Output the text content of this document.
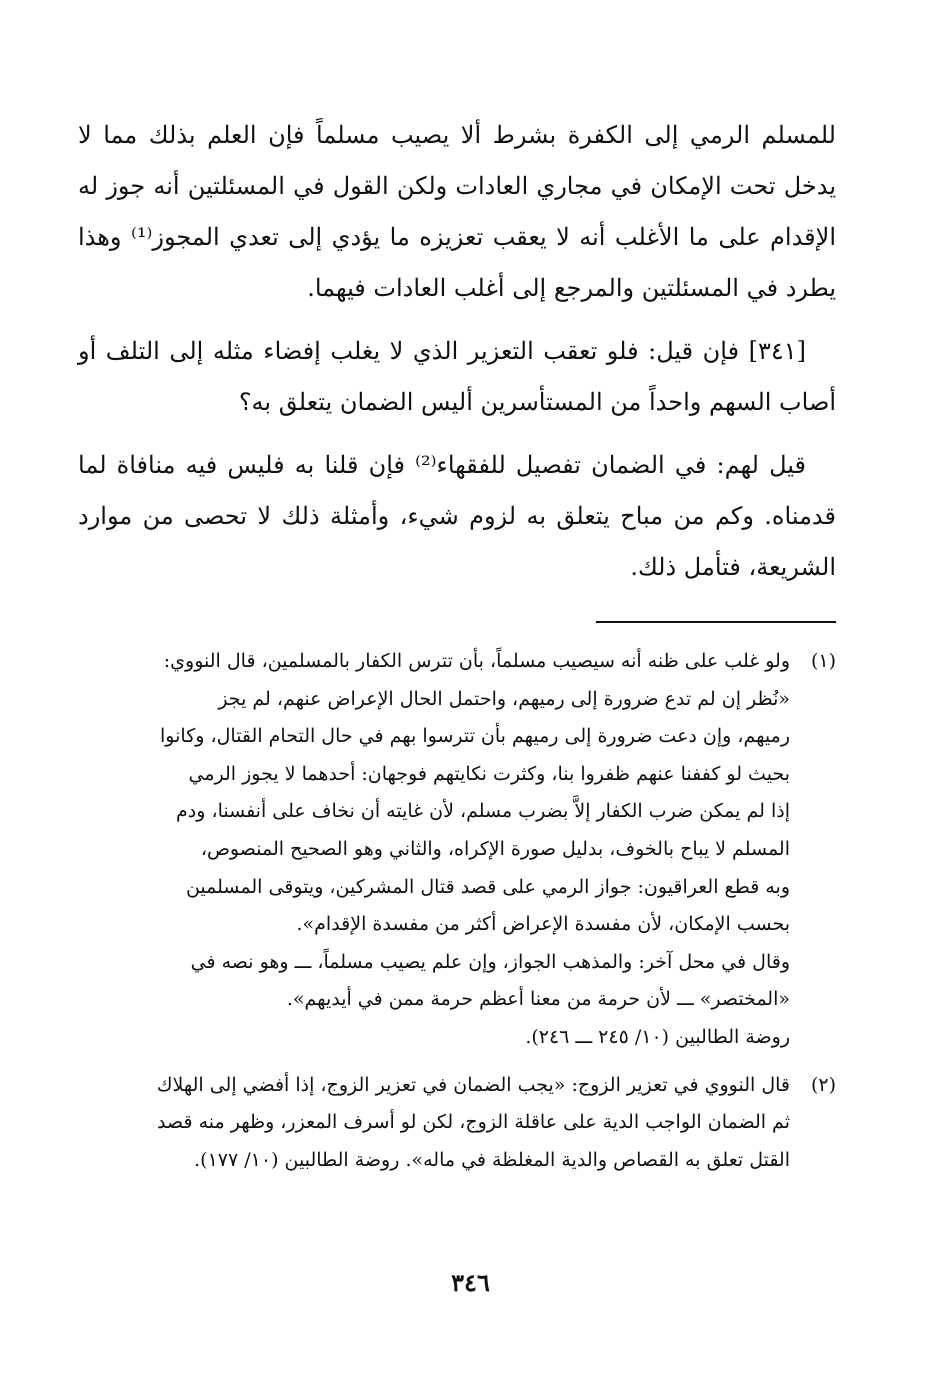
للمسلم الرمي إلى الكفرة بشرط ألا يصيب مسلماً فإن العلم بذلك مما لا يدخل تحت الإمكان في مجاري العادات ولكن القول في المسئلتين أنه جوز له الإقدام على ما الأغلب أنه لا يعقب تعزيزه ما يؤدي إلى تعدي المجوز⁽¹⁾ وهذا يطرد في المسئلتين والمرجع إلى أغلب العادات فيهما.

[٣٤١] فإن قيل: فلو تعقب التعزير الذي لا يغلب إفضاء مثله إلى التلف أو أصاب السهم واحداً من المستأسرين أليس الضمان يتعلق به؟

قيل لهم: في الضمان تفصيل للفقهاء⁽²⁾ فإن قلنا به فليس فيه منافاة لما قدمناه. وكم من مباح يتعلق به لزوم شيء، وأمثلة ذلك لا تحصى من موارد الشريعة، فتأمل ذلك.

(١)

ولو غلب على ظنه أنه سيصيب مسلماً، بأن تترس الكفار بالمسلمين، قال النووي:

«نُظر إن لم تدع ضرورة إلى رميهم، واحتمل الحال الإعراض عنهم، لم يجز

رميهم، وإن دعت ضرورة إلى رميهم بأن تترسوا بهم في حال التحام القتال، وكانوا

بحيث لو كففنا عنهم ظفروا بنا، وكثرت نكايتهم فوجهان: أحدهما لا يجوز الرمي

إذا لم يمكن ضرب الكفار إلاَّ بضرب مسلم، لأن غايته أن نخاف على أنفسنا، ودم

المسلم لا يباح بالخوف، بدليل صورة الإكراه، والثاني وهو الصحيح المنصوص،

وبه قطع العراقيون: جواز الرمي على قصد قتال المشركين، ويتوقى المسلمين

بحسب الإمكان، لأن مفسدة الإعراض أكثر من مفسدة الإقدام».

وقال في محل آخر: والمذهب الجواز، وإن علم يصيب مسلماً، ـــ وهو نصه في

«المختصر» ـــ لأن حرمة من معنا أعظم حرمة ممن في أيديهم».

روضة الطالبين (١٠/ ٢٤٥ ـــ ٢٤٦).

(٢)

قال النووي في تعزير الزوج: «يجب الضمان في تعزير الزوج، إذا أفضي إلى الهلاك

ثم الضمان الواجب الدية على عاقلة الزوج، لكن لو أسرف المعزر، وظهر منه قصد

القتل تعلق به القصاص والدية المغلظة في ماله». روضة الطالبين (١٠/ ١٧٧).

٣٤٦
